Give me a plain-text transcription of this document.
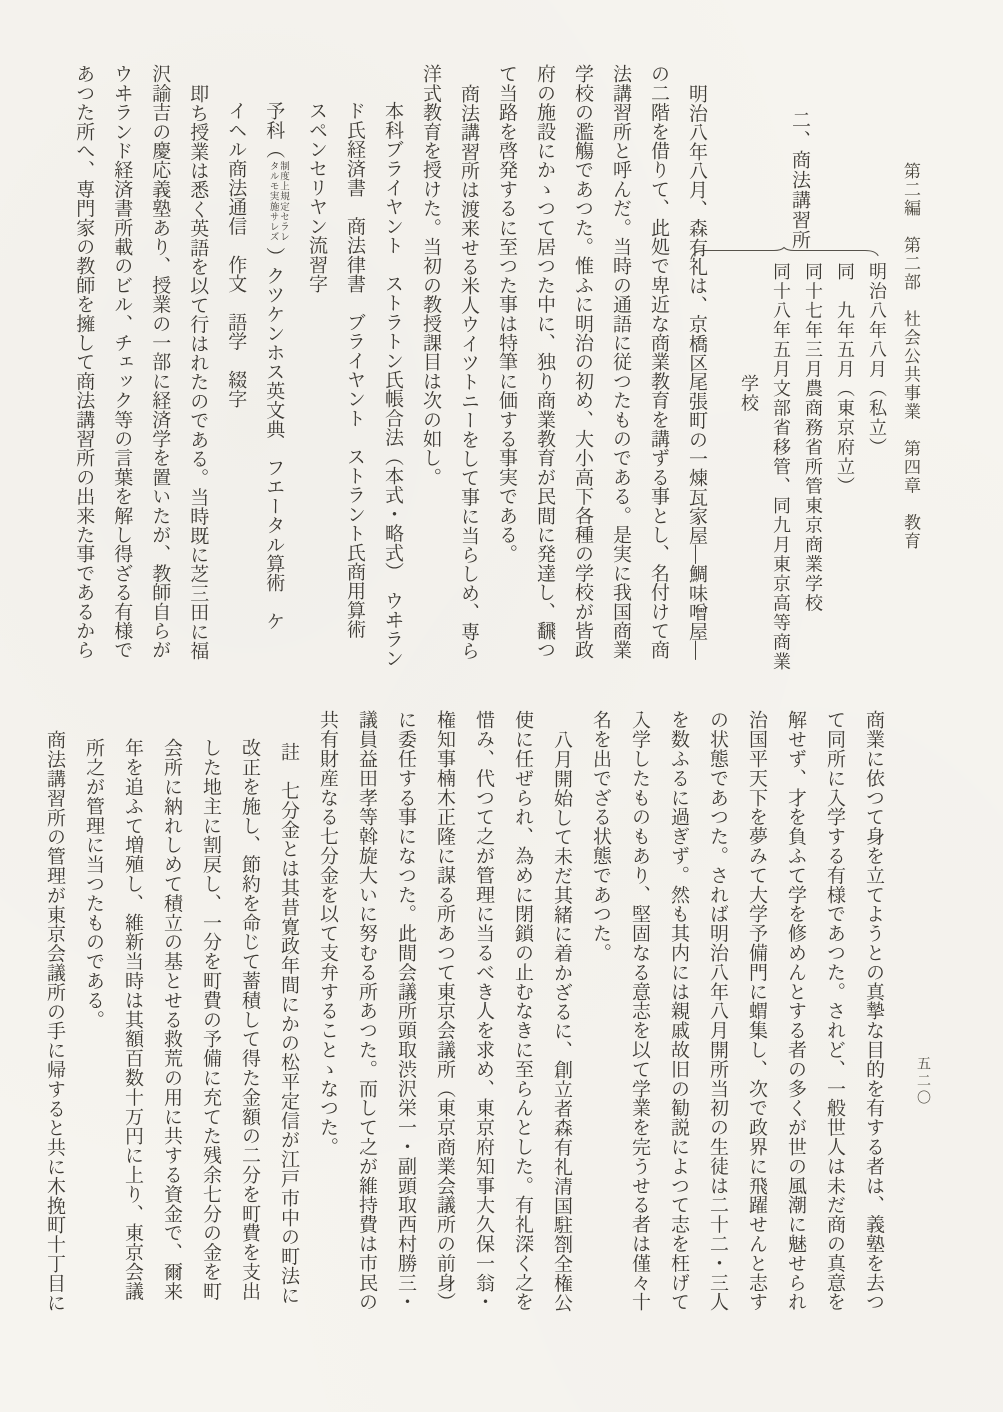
第二編　第二部　社会公共事業　第四章　教育
五二〇
二、商法講習所

明治八年八月（私立）

同　九年五月（東京府立）

同十七年三月農商務省所管東京商業学校

同十八年五月文部省移管、同九月東京高等商業

学校

明治八年八月、森有礼は、京橋区尾張町の一煉瓦家屋―鯛味噌屋―

の二階を借りて、此処で卑近な商業教育を講ずる事とし、名付けて商

法講習所と呼んだ。当時の通語に従つたものである。是実に我国商業

学校の濫觴であつた。惟ふに明治の初め、大小高下各種の学校が皆政

府の施設にかゝつて居つた中に、独り商業教育が民間に発達し、飜つ

て当路を啓発するに至つた事は特筆に価する事実である。

商法講習所は渡来せる米人ウイツトニーをして事に当らしめ、専ら

洋式教育を授けた。当初の教授課目は次の如し。

本科ブライヤント　ストラトン氏帳合法（本式・略式）　ウヰラン

ド氏経済書　商法律書　ブライヤント　ストラント氏商用算術

スペンセリヤン流習字

予科（制度上規定セラレタルモ実施サレズ）クツケンホス英文典　フエータル算術　ケ

イヘル商法通信　作文　語学　綴字

即ち授業は悉く英語を以て行はれたのである。当時既に芝三田に福

沢諭吉の慶応義塾あり、授業の一部に経済学を置いたが、教師自らが

ウヰランド経済書所載のビル、チェック等の言葉を解し得ざる有様で

あつた所へ、専門家の教師を擁して商法講習所の出来た事であるから

商業に依つて身を立てようとの真摯な目的を有する者は、義塾を去つ

て同所に入学する有様であつた。されど、一般世人は未だ商の真意を

解せず、才を負ふて学を修めんとする者の多くが世の風潮に魅せられ

治国平天下を夢みて大学予備門に蝟集し、次で政界に飛躍せんと志す

の状態であつた。されば明治八年八月開所当初の生徒は二十二・三人

を数ふるに過ぎず。然も其内には親戚故旧の勧説によつて志を枉げて

入学したものもあり、堅固なる意志を以て学業を完うせる者は僅々十

名を出でざる状態であつた。

八月開始して未だ其緒に着かざるに、創立者森有礼清国駐劄全権公

使に任ぜられ、為めに閉鎖の止むなきに至らんとした。有礼深く之を

惜み、代つて之が管理に当るべき人を求め、東京府知事大久保一翁・

権知事楠木正隆に謀る所あつて東京会議所（東京商業会議所の前身）

に委任する事になつた。此間会議所頭取渋沢栄一・副頭取西村勝三・

議員益田孝等斡旋大いに努むる所あつた。而して之が維持費は市民の

共有財産なる七分金を以て支弁することゝなつた。

註　七分金とは其昔寛政年間にかの松平定信が江戸市中の町法に

改正を施し、節約を命じて蓄積して得た金額の二分を町費を支出

した地主に割戻し、一分を町費の予備に充てた残余七分の金を町

会所に納れしめて積立の基とせる救荒の用に共する資金で、爾来

年を追ふて増殖し、維新当時は其額百数十万円に上り、東京会議

所之が管理に当つたものである。

商法講習所の管理が東京会議所の手に帰すると共に木挽町十丁目に
